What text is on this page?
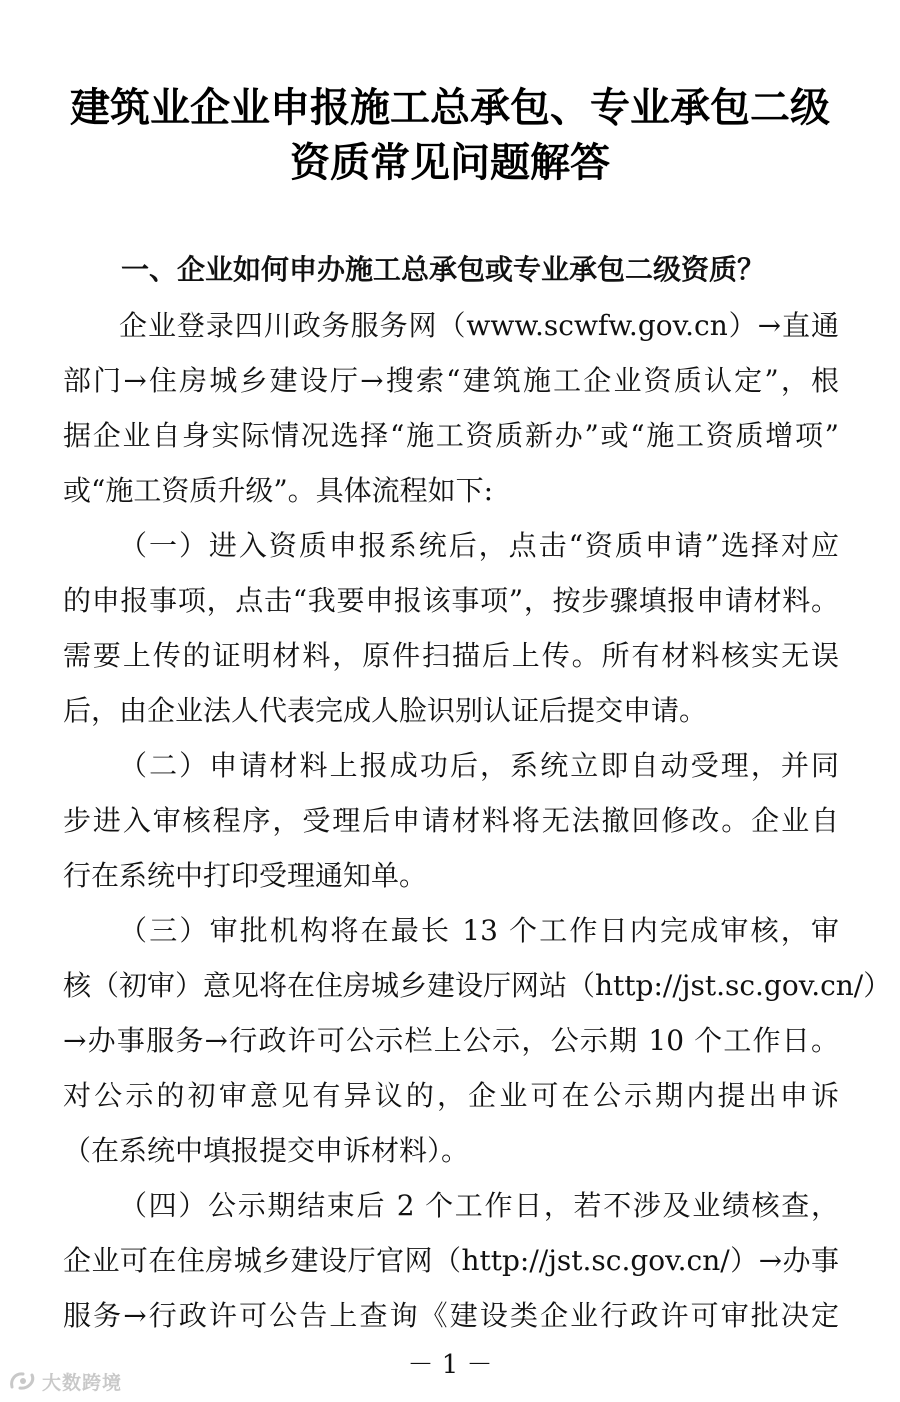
建筑业企业申报施工总承包、专业承包二级
资质常见问题解答
一、企业如何申办施工总承包或专业承包二级资质？
企业登录四川政务服务网（www.scwfw.gov.cn）→直通
部门→住房城乡建设厅→搜索“建筑施工企业资质认定”，根
据企业自身实际情况选择“施工资质新办”或“施工资质增项”
或“施工资质升级”。具体流程如下:
（一）进入资质申报系统后，点击“资质申请”选择对应
的申报事项，点击“我要申报该事项”，按步骤填报申请材料。
需要上传的证明材料，原件扫描后上传。所有材料核实无误
后，由企业法人代表完成人脸识别认证后提交申请。
（二）申请材料上报成功后，系统立即自动受理，并同
步进入审核程序，受理后申请材料将无法撤回修改。企业自
行在系统中打印受理通知单。
（三）审批机构将在最长 13 个工作日内完成审核，审
核（初审）意见将在住房城乡建设厅网站（http://jst.sc.gov.cn/）
→办事服务→行政许可公示栏上公示，公示期 10 个工作日。
对公示的初审意见有异议的，企业可在公示期内提出申诉
（在系统中填报提交申诉材料）。
（四）公示期结束后 2 个工作日，若不涉及业绩核查，
企业可在住房城乡建设厅官网（http://jst.sc.gov.cn/）→办事
服务→行政许可公告上查询《建设类企业行政许可审批决定
－ 1 －
大数跨境
